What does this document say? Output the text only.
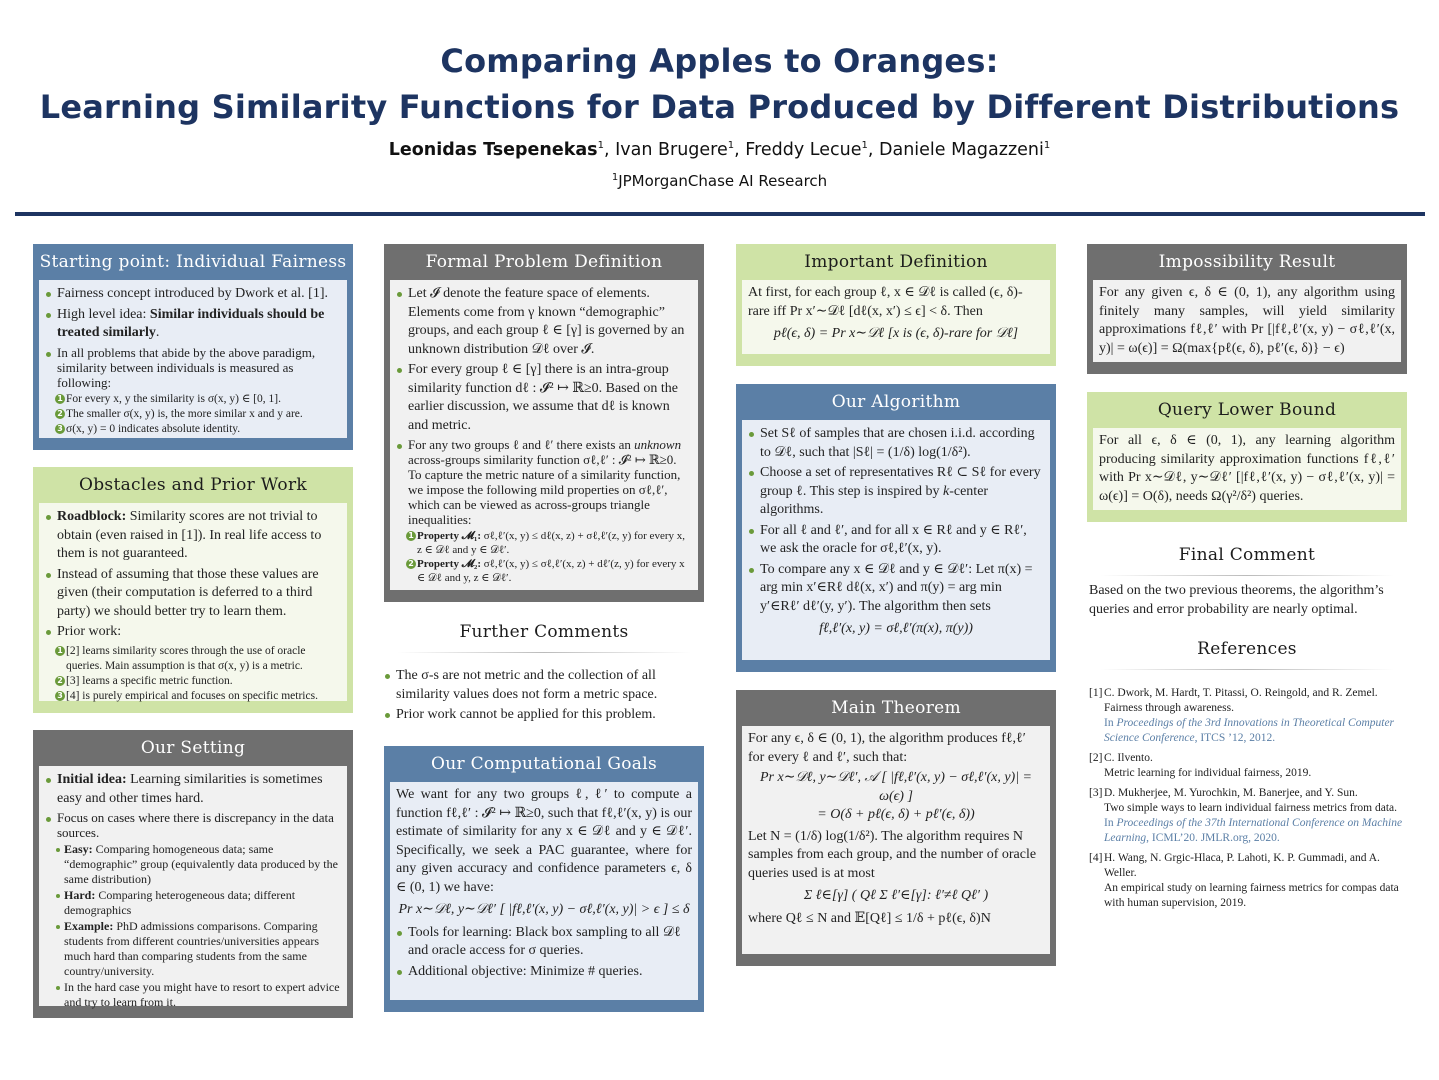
Comparing Apples to Oranges:
Learning Similarity Functions for Data Produced by Different Distributions
Leonidas Tsepenekas$^1$, Ivan Brugere$^1$, Freddy Lecue$^1$, Daniele Magazzeni$^1$
$^1$JPMorganChase AI Research
Starting point: Individual Fairness
Fairness concept introduced by Dwork et al. [1].
High level idea: Similar individuals should be treated similarly.
In all problems that abide by the above paradigm, similarity between individuals is measured as following:
1 For every x, y the similarity is σ(x, y) ∈ [0, 1].
2 The smaller σ(x, y) is, the more similar x and y are.
3 σ(x, y) = 0 indicates absolute identity.
Obstacles and Prior Work
Roadblock: Similarity scores are not trivial to obtain (even raised in [1]). In real life access to them is not guaranteed.
Instead of assuming that those these values are given (their computation is deferred to a third party) we should better try to learn them.
Prior work:
1 [2] learns similarity scores through the use of oracle queries. Main assumption is that σ(x, y) is a metric.
2 [3] learns a specific metric function.
3 [4] is purely empirical and focuses on specific metrics.
Our Setting
Initial idea: Learning similarities is sometimes easy and other times hard.
Focus on cases where there is discrepancy in the data sources.
Easy: Comparing homogeneous data; same “demographic” group (equivalently data produced by the same distribution)
Hard: Comparing heterogeneous data; different demographics
Example: PhD admissions comparisons. Comparing students from different countries/universities appears much hard than comparing students from the same country/university.
In the hard case you might have to resort to expert advice and try to learn from it.
Formal Problem Definition
Let 𝓘 denote the feature space of elements. Elements come from γ known “demographic” groups, and each group ℓ ∈ [γ] is governed by an unknown distribution 𝒟ℓ over 𝓘.
For every group ℓ ∈ [γ] there is an intra-group similarity function dℓ : 𝓘² ↦ ℝ≥0. Based on the earlier discussion, we assume that dℓ is known and metric.
For any two groups ℓ and ℓ′ there exists an unknown across-groups similarity function σℓ,ℓ′ : 𝓘² ↦ ℝ≥0. To capture the metric nature of a similarity function, we impose the following mild properties on σℓ,ℓ′, which can be viewed as across-groups triangle inequalities:
1 Property 𝓜₁: σℓ,ℓ′(x, y) ≤ dℓ(x, z) + σℓ,ℓ′(z, y) for every x, z ∈ 𝒟ℓ and y ∈ 𝒟ℓ′.
2 Property 𝓜₂: σℓ,ℓ′(x, y) ≤ σℓ,ℓ′(x, z) + dℓ′(z, y) for every x ∈ 𝒟ℓ and y, z ∈ 𝒟ℓ′.
Further Comments
The σ-s are not metric and the collection of all similarity values does not form a metric space.
Prior work cannot be applied for this problem.
Our Computational Goals
We want for any two groups ℓ, ℓ′ to compute a function fℓ,ℓ′ : 𝓘² ↦ ℝ≥0, such that fℓ,ℓ′(x, y) is our estimate of similarity for any x ∈ 𝒟ℓ and y ∈ 𝒟ℓ′. Specifically, we seek a PAC guarantee, where for any given accuracy and confidence parameters ϵ, δ ∈ (0, 1) we have:
Pr x∼𝒟ℓ, y∼𝒟ℓ′ [ |fℓ,ℓ′(x, y) − σℓ,ℓ′(x, y)| > ϵ ] ≤ δ
Tools for learning: Black box sampling to all 𝒟ℓ and oracle access for σ queries.
Additional objective: Minimize # queries.
Important Definition
At first, for each group ℓ, x ∈ 𝒟ℓ is called (ϵ, δ)-rare iff Pr x′∼𝒟ℓ [dℓ(x, x′) ≤ ϵ] < δ. Then
pℓ(ϵ, δ) = Pr x∼𝒟ℓ [x is (ϵ, δ)-rare for 𝒟ℓ]
Our Algorithm
Set Sℓ of samples that are chosen i.i.d. according to 𝒟ℓ, such that |Sℓ| = (1/δ) log(1/δ²).
Choose a set of representatives Rℓ ⊂ Sℓ for every group ℓ. This step is inspired by k-center algorithms.
For all ℓ and ℓ′, and for all x ∈ Rℓ and y ∈ Rℓ′, we ask the oracle for σℓ,ℓ′(x, y).
To compare any x ∈ 𝒟ℓ and y ∈ 𝒟ℓ′: Let π(x) = arg min x′∈Rℓ dℓ(x, x′) and π(y) = arg min y′∈Rℓ′ dℓ′(y, y′). The algorithm then sets
fℓ,ℓ′(x, y) = σℓ,ℓ′(π(x), π(y))
Main Theorem
For any ϵ, δ ∈ (0, 1), the algorithm produces fℓ,ℓ′ for every ℓ and ℓ′, such that:
Pr x∼𝒟ℓ, y∼𝒟ℓ′, 𝒜 [ |fℓ,ℓ′(x, y) − σℓ,ℓ′(x, y)| = ω(ϵ) ]
= O(δ + pℓ(ϵ, δ) + pℓ′(ϵ, δ))
Let N = (1/δ) log(1/δ²). The algorithm requires N samples from each group, and the number of oracle queries used is at most
Σ ℓ∈[γ] ( Qℓ Σ ℓ′∈[γ]: ℓ′≠ℓ Qℓ′ )
where Qℓ ≤ N and 𝔼[Qℓ] ≤ 1/δ + pℓ(ϵ, δ)N
Impossibility Result
For any given ϵ, δ ∈ (0, 1), any algorithm using finitely many samples, will yield similarity approximations fℓ,ℓ′ with Pr [|fℓ,ℓ′(x, y) − σℓ,ℓ′(x, y)| = ω(ϵ)] = Ω(max{pℓ(ϵ, δ), pℓ′(ϵ, δ)} − ϵ)
Query Lower Bound
For all ϵ, δ ∈ (0, 1), any learning algorithm producing similarity approximation functions fℓ,ℓ′ with Pr x∼𝒟ℓ, y∼𝒟ℓ′ [|fℓ,ℓ′(x, y) − σℓ,ℓ′(x, y)| = ω(ϵ)] = O(δ), needs Ω(γ²/δ²) queries.
Final Comment
Based on the two previous theorems, the algorithm’s queries and error probability are nearly optimal.
References
[1] C. Dwork, M. Hardt, T. Pitassi, O. Reingold, and R. Zemel.
Fairness through awareness.
In Proceedings of the 3rd Innovations in Theoretical Computer Science Conference, ITCS ’12, 2012.
[2] C. Ilvento.
Metric learning for individual fairness, 2019.
[3] D. Mukherjee, M. Yurochkin, M. Banerjee, and Y. Sun.
Two simple ways to learn individual fairness metrics from data.
In Proceedings of the 37th International Conference on Machine Learning, ICML’20. JMLR.org, 2020.
[4] H. Wang, N. Grgic-Hlaca, P. Lahoti, K. P. Gummadi, and A. Weller.
An empirical study on learning fairness metrics for compas data with human supervision, 2019.
